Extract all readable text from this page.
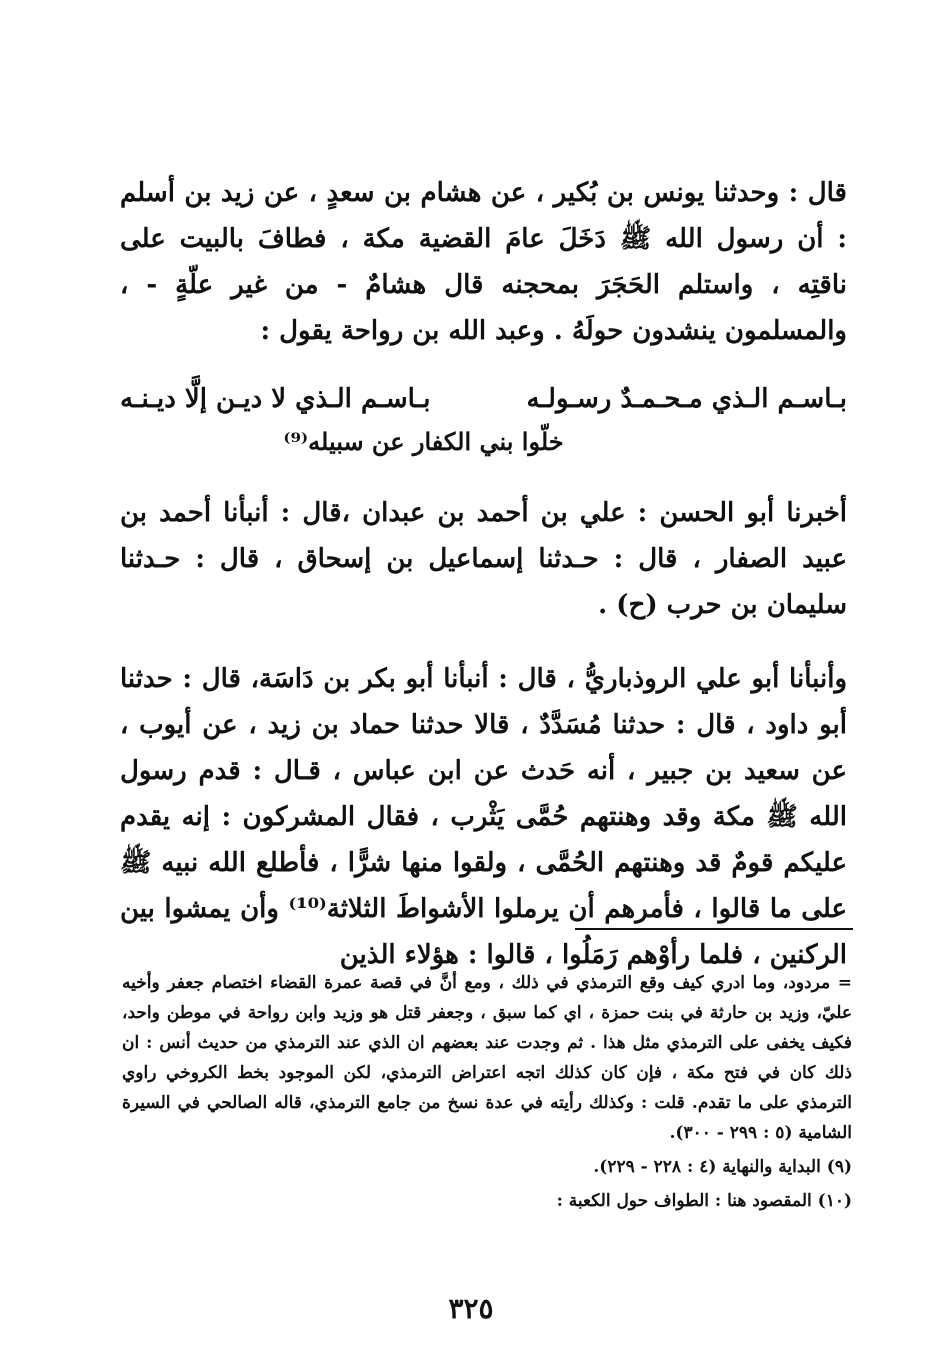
قال : وحدثنا يونس بن بُكير ، عن هشام بن سعدٍ ، عن زيد بن أسلم : أن رسول الله ﷺ دَخَلَ عامَ القضية مكة ، فطافَ بالبيت على ناقتِه ، واستلم الحَجَرَ بمحجنه قال هشامٌ - من غير علّةٍ - ، والمسلمون ينشدون حولَهُ . وعبد الله بن رواحة يقول :

بـاسـم الـذي مـحـمـدٌ رسـولـه
بـاسـم الـذي لا ديـن إلَّا ديـنـه
خلّوا بني الكفار عن سبيله⁽⁹⁾

أخبرنا أبو الحسن : علي بن أحمد بن عبدان ،قال : أنبأنا أحمد بن عبيد الصفار ، قال : حـدثنا إسماعيل بن إسحاق ، قال : حـدثنا سليمان بن حرب (ح) .

وأنبأنا أبو علي الروذباريُّ ، قال : أنبأنا أبو بكر بن دَاسَة، قال : حدثنا أبو داود ، قال : حدثنا مُسَدَّدٌ ، قالا حدثنا حماد بن زيد ، عن أيوب ، عن سعيد بن جبير ، أنه حَدث عن ابن عباس ، قـال : قدم رسول الله ﷺ مكة وقد وهنتهم حُمَّى يَثْرب ، فقال المشركون : إنه يقدم عليكم قومٌ قد وهنتهم الحُمَّى ، ولقوا منها شرًّا ، فأطلع الله نبيه ﷺ على ما قالوا ، فأمرهم أن يرملوا الأشواطَ الثلاثة⁽¹⁰⁾ وأن يمشوا بين الركنين ، فلما رأوْهم رَمَلُوا ، قالوا : هؤلاء الذين

= مردود، وما ادري كيف وقع الترمذي في ذلك ، ومع أنَّ في قصة عمرة القضاء اختصام جعفر وأخيه عليّ، وزيد بن حارثة في بنت حمزة ، اي كما سبق ، وجعفر قتل هو وزيد وابن رواحة في موطن واحد، فكيف يخفى على الترمذي مثل هذا . ثم وجدت عند بعضهم ان الذي عند الترمذي من حديث أنس : ان ذلك كان في فتح مكة ، فإن كان كذلك اتجه اعتراض الترمذي، لكن الموجود بخط الكروخي راوي الترمذي على ما تقدم. قلت : وكذلك رأيته في عدة نسخ من جامع الترمذي، قاله الصالحي في السيرة الشامية (٥ : ٢٩٩ - ٣٠٠).

(٩) البداية والنهاية (٤ : ٢٢٨ - ٢٢٩).

(١٠) المقصود هنا : الطواف حول الكعبة :

٣٢٥
